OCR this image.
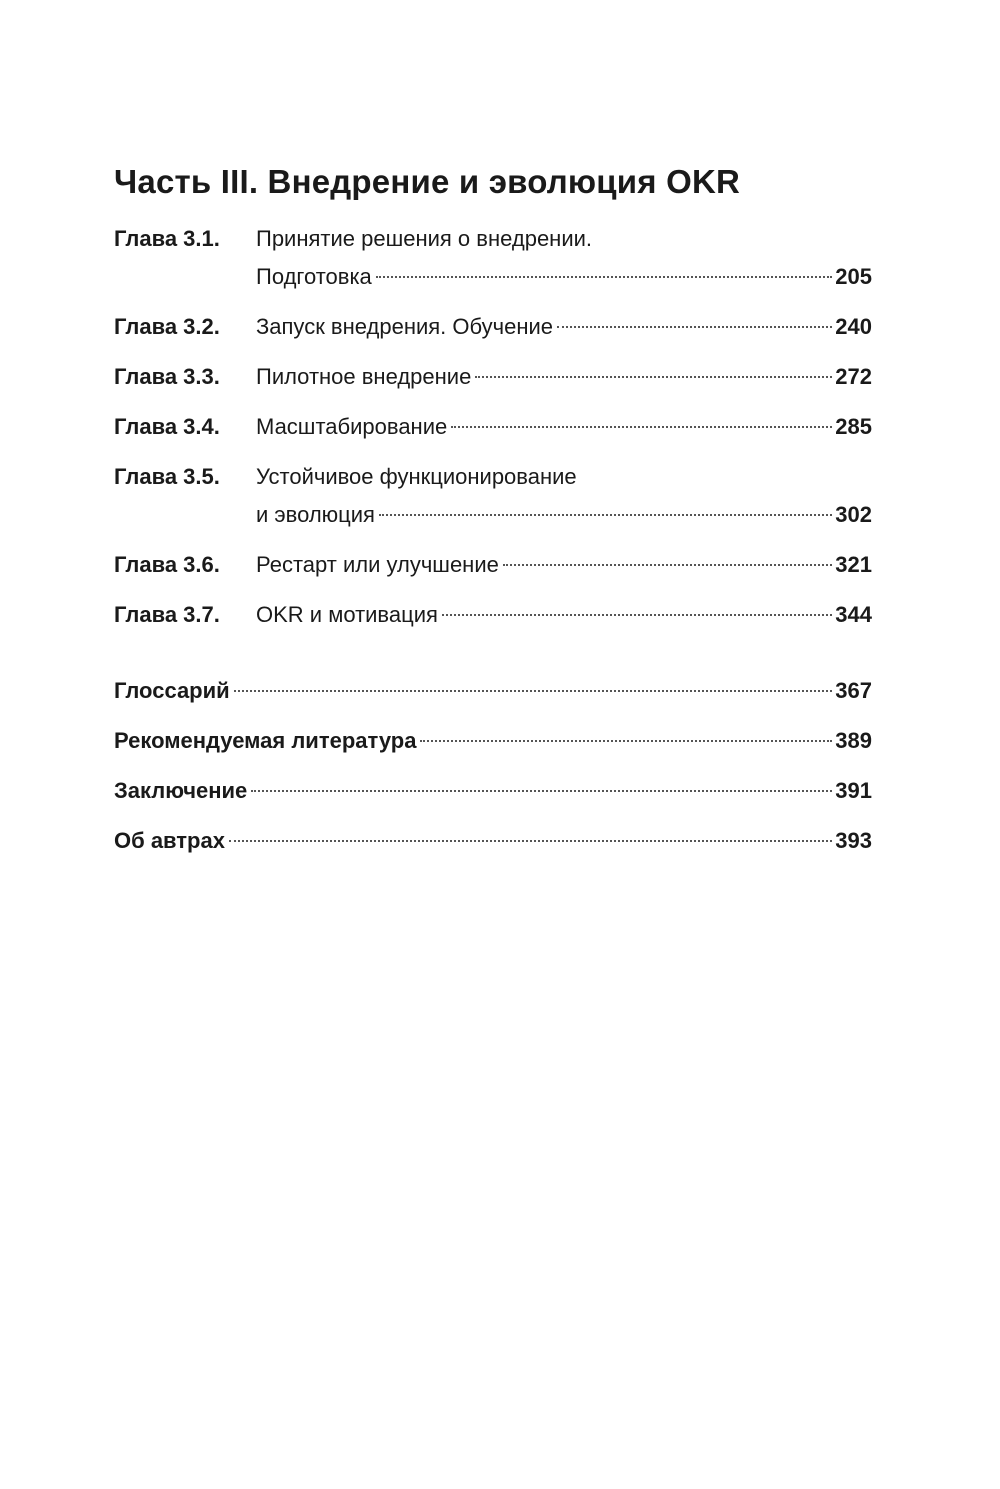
Часть III. Внедрение и эволюция OKR
Глава 3.1.	Принятие решения о внедрении.
Подготовка	205
Глава 3.2.	Запуск внедрения. Обучение	240
Глава 3.3.	Пилотное внедрение	272
Глава 3.4.	Масштабирование	285
Глава 3.5.	Устойчивое функционирование
и эволюция	302
Глава 3.6.	Рестарт или улучшение	321
Глава 3.7.	OKR и мотивация	344
Глоссарий	367
Рекомендуемая литература	389
Заключение	391
Об автрах	393
